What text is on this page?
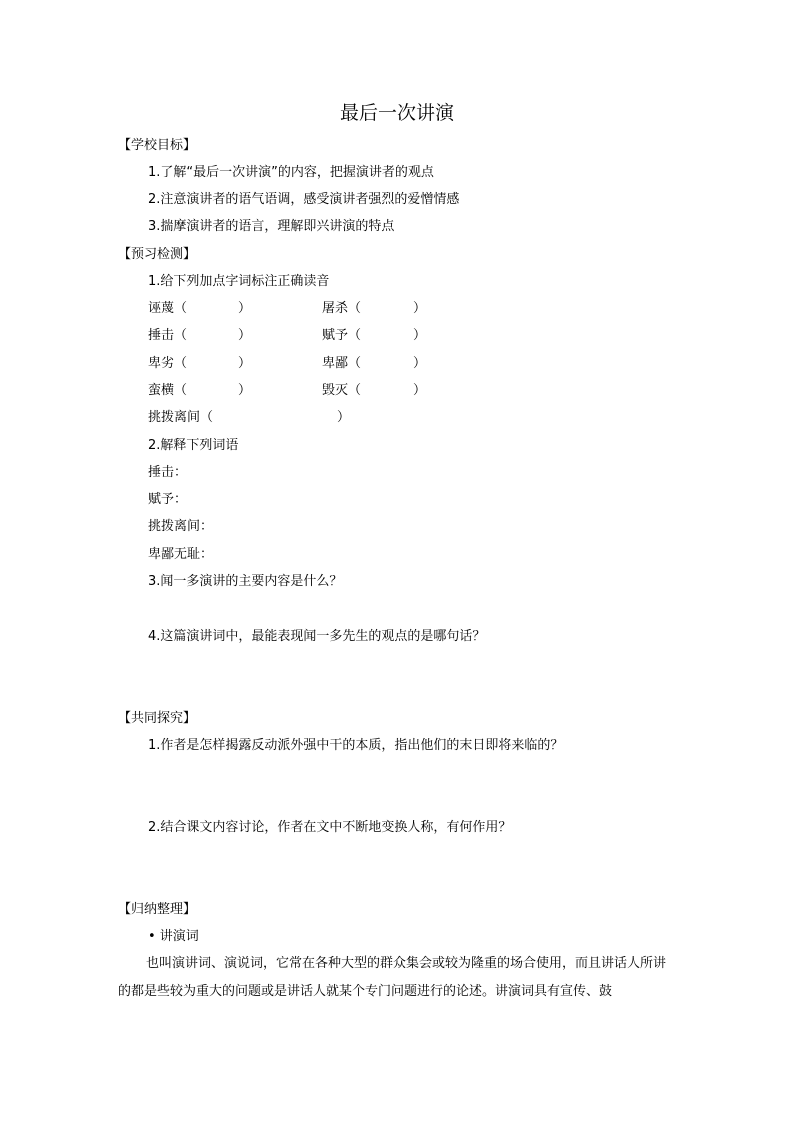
最后一次讲演
【学校目标】
1.了解“最后一次讲演”的内容，把握演讲者的观点
2.注意演讲者的语气语调，感受演讲者强烈的爱憎情感
3.揣摩演讲者的语言，理解即兴讲演的特点
【预习检测】
1.给下列加点字词标注正确读音
诬蔑（	）	屠杀（	）
捶击（	）	赋予（	）
卑劣（	）	卑鄙（	）
蛮横（	）	毁灭（	）
挑拨离间（	）
2.解释下列词语
捶击：
赋予：
挑拨离间：
卑鄙无耻：
3.闻一多演讲的主要内容是什么？
4.这篇演讲词中，最能表现闻一多先生的观点的是哪句话？
【共同探究】
1.作者是怎样揭露反动派外强中干的本质，指出他们的末日即将来临的？
2.结合课文内容讨论，作者在文中不断地变换人称，有何作用？
【归纳整理】
• 讲演词
也叫演讲词、演说词，它常在各种大型的群众集会或较为隆重的场合使用，而且讲话人所讲的都是些较为重大的问题或是讲话人就某个专门问题进行的论述。讲演词具有宣传、鼓
